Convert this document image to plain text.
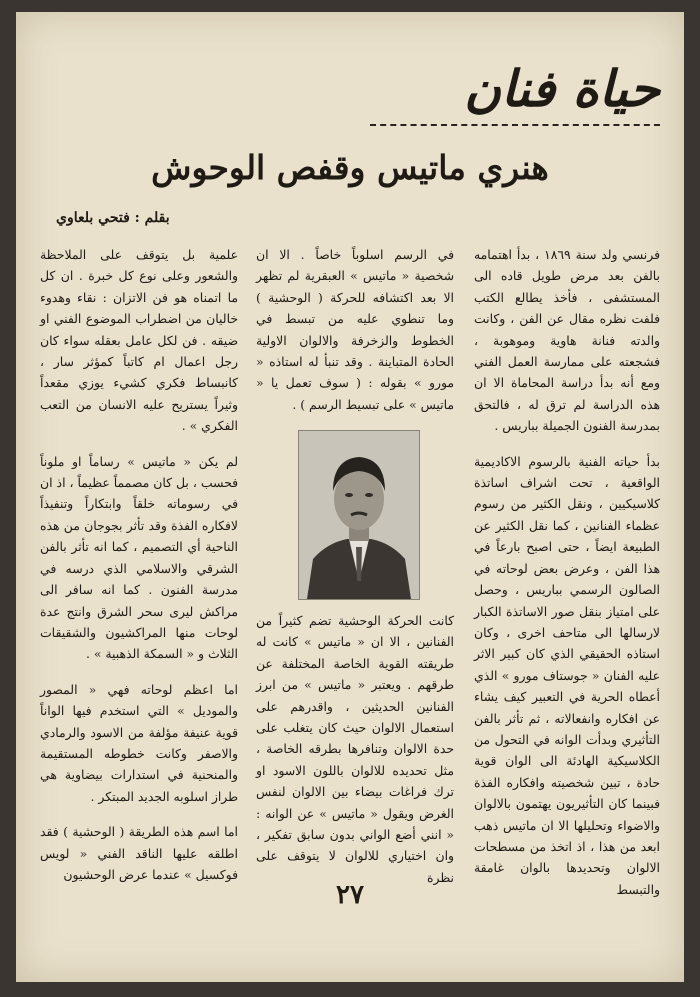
حياة فنان
هنري ماتيس وقفص الوحوش
بقلم : فتحي بلعاوي

فرنسي ولد سنة ١٨٦٩ ، بدأ اهتمامه بالفن بعد مرض طويل قاده الى المستشفى ، فأخذ يطالع الكتب فلفت نظره مقال عن الفن ، وكانت والدته فنانة هاوية وموهوبة ، فشجعته على ممارسة العمل الفني ومع أنه بدأ دراسة المحاماة الا ان هذه الدراسة لم ترق له ، فالتحق بمدرسة الفنون الجميلة بباريس .

بدأ حياته الفنية بالرسوم الاكاديمية الواقعية ، تحت اشراف اساتذة كلاسيكيين ، ونقل الكثير من رسوم عظماء الفنانين ، كما نقل الكثير عن الطبيعة ايضاً ، حتى اصبح بارعاً في هذا الفن ، وعرض بعض لوحاته في الصالون الرسمي بباريس ، وحصل على امتياز بنقل صور الاساتذة الكبار لارسالها الى متاحف اخرى ، وكان استاذه الحقيقي الذي كان كبير الاثر عليه الفنان « جوستاف مورو » الذي أعطاه الحرية في التعبير كيف يشاء عن افكاره وانفعالاته ، ثم تأثر بالفن التأثيري وبدأت الوانه في التحول من الكلاسيكية الهادئة الى الوان قوية حادة ، تبين شخصيته وافكاره الفذة فبينما كان التأثيريون يهتمون بالالوان والاضواء وتحليلها الا ان ماتيس ذهب ابعد من هذا ، اذ اتخذ من مسطحات الالوان وتحديدها بالوان غامقة والتبسط

في الرسم اسلوباً خاصاً . الا ان شخصية « ماتيس » العبقرية لم تظهر الا بعد اكتشافه للحركة ( الوحشية ) وما تنطوي عليه من تبسط في الخطوط والزخرفة والالوان الاولية الحادة المتباينة . وقد تنبأ له استاذه « مورو » بقوله : ( سوف تعمل يا « ماتيس » على تبسيط الرسم ) .

كانت الحركة الوحشية تضم كثيراً من الفنانين ، الا ان « ماتيس » كانت له طريقته القوية الخاصة المختلفة عن طرقهم . ويعتبر « ماتيس » من ابرز الفنانين الحديثين ، واقدرهم على استعمال الالوان حيث كان يتغلب على حدة الالوان وتنافرها بطرقه الخاصة ، مثل تحديده للالوان باللون الاسود او ترك فراغات بيضاء بين الالوان لنفس الغرض ويقول « ماتيس » عن الوانه : « انني أضع الواني بدون سابق تفكير ، وان اختياري للالوان لا يتوقف على نظرة

علمية بل يتوقف على الملاحظة والشعور وعلى نوع كل خبرة . ان كل ما اتمناه هو فن الاتزان : نقاء وهدوء خاليان من اضطراب الموضوع الفني او ضيقه . فن لكل عامل بعقله سواء كان رجل اعمال ام كاتباً كمؤثر سار ، كانبساط فكري كشيء يوزي مقعداً وثيراً يستريح عليه الانسان من التعب الفكري » .

لم يكن « ماتيس » رساماً او ملوناً فحسب ، بل كان مصمماً عظيماً ، اذ ان في رسوماته خلقاً وابتكاراً وتنفيذاً لافكاره الفذة وقد تأثر بجوجان من هذه الناحية أي التصميم ، كما انه تأثر بالفن الشرقي والاسلامي الذي درسه في مدرسة الفنون . كما انه سافر الى مراكش ليرى سحر الشرق وانتج عدة لوحات منها المراكشيون والشقيقات الثلاث و « السمكة الذهبية » .

اما اعظم لوحاته فهي « المصور والموديل » التي استخدم فيها الواناً قوية عنيفة مؤلفة من الاسود والرمادي والاصفر وكانت خطوطه المستقيمة والمنحنية في استدارات بيضاوية هي طراز اسلوبه الجديد المبتكر .

اما اسم هذه الطريقة ( الوحشية ) فقد اطلقه عليها الناقد الفني « لويس فوكسيل » عندما عرض الوحشيون

٢٧
